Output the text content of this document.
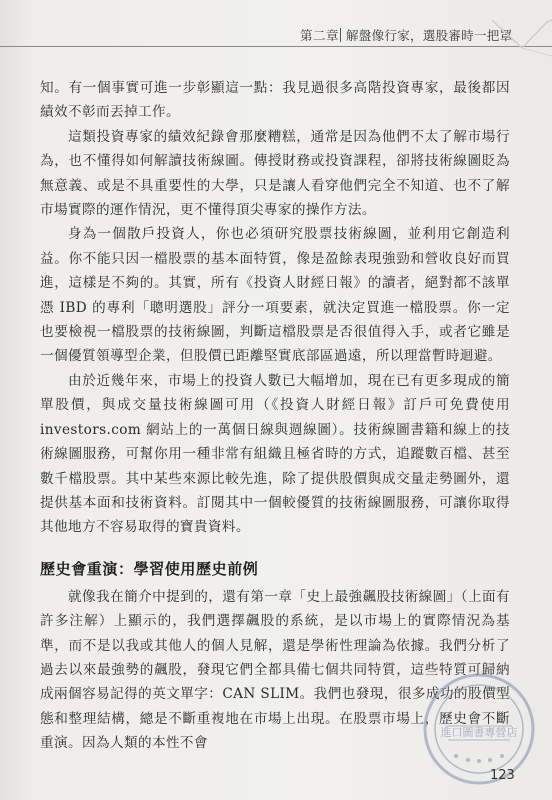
第二章 解盤像行家，選股審時一把罩

知。有一個事實可進一步彰顯這一點：我見過很多高階投資專家，最後都因績效不彰而丟掉工作。

這類投資專家的績效紀錄會那麼糟糕，通常是因為他們不太了解市場行為，也不懂得如何解讀技術線圖。傳授財務或投資課程，卻將技術線圖貶為無意義、或是不具重要性的大學，只是讓人看穿他們完全不知道、也不了解市場實際的運作情況，更不懂得頂尖專家的操作方法。

身為一個散戶投資人，你也必須研究股票技術線圖，並利用它創造利益。你不能只因一檔股票的基本面特質，像是盈餘表現強勁和營收良好而買進，這樣是不夠的。其實，所有《投資人財經日報》的讀者，絕對都不該單憑 IBD 的專利「聰明選股」評分一項要素，就決定買進一檔股票。你一定也要檢視一檔股票的技術線圖，判斷這檔股票是否很值得入手，或者它雖是一個優質領導型企業，但股價已距離堅實底部區過遠，所以理當暫時迴避。

由於近幾年來，市場上的投資人數已大幅增加，現在已有更多現成的簡單股價，與成交量技術線圖可用（《投資人財經日報》訂戶可免費使用 investors.com 網站上的一萬個日線與週線圖）。技術線圖書籍和線上的技術線圖服務，可幫你用一種非常有組織且極省時的方式，追蹤數百檔、甚至數千檔股票。其中某些來源比較先進，除了提供股價與成交量走勢圖外，還提供基本面和技術資料。訂閱其中一個較優質的技術線圖服務，可讓你取得其他地方不容易取得的寶貴資料。

歷史會重演：學習使用歷史前例

就像我在簡介中提到的，還有第一章「史上最強飆股技術線圖」（上面有許多注解）上顯示的，我們選擇飆股的系統，是以市場上的實際情況為基準，而不是以我或其他人的個人見解，還是學術性理論為依據。我們分析了過去以來最強勢的飆股，發現它們全都具備七個共同特質，這些特質可歸納成兩個容易記得的英文單字：CAN SLIM。我們也發現，很多成功的股價型態和整理結構，總是不斷重複地在市場上出現。在股票市場上，歷史會不斷重演。因為人類的本性不會

進口圖書專營店
123
